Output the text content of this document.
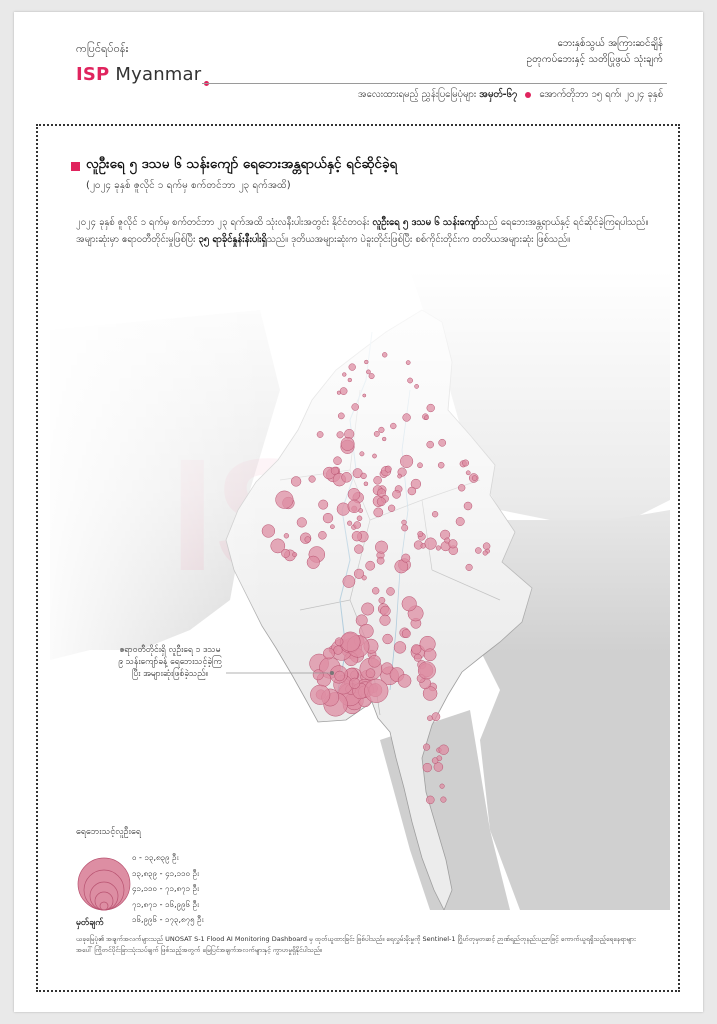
ကပြင်ရပ်ဝန်း
ISP Myanmar
ဘေးနှစ်သွယ် အကြားဆင်ချိန်
ဥတုကပ်ဘေးနှင့် သတိပြုဖွယ် သုံးချက်
အလေးထားရမည့် ညွှန်းပြမြေပုံများ အမှတ်-၆၇ အောက်တိုဘာ ၁၅ ရက်၊ ၂၀၂၄ ခုနှစ်
လူဦးရေ ၅ ဒသမ ၆ သန်းကျော် ရေဘေးအန္တရာယ်နှင့် ရင်ဆိုင်ခဲ့ရ
(၂၀၂၄ ခုနှစ် ဇူလိုင် ၁ ရက်မှ စက်တင်ဘာ ၂၃ ရက်အထိ)
၂၀၂၄ ခုနှစ် ဇူလိုင် ၁ ရက်မှ စက်တင်ဘာ ၂၃ ရက်အထိ သုံးလနီးပါးအတွင်း နိုင်ငံတဝန်း လူဦးရေ ၅ ဒသမ ၆ သန်းကျော်သည် ရေဘေးအန္တရာယ်နှင့် ရင်ဆိုင်ခဲ့ကြရပါသည်။ အများဆုံးမှာ ဧရာဝတီတိုင်းမှုဖြစ်ပြီး ၃၅ ရာခိုင်နှုန်းနီးပါးရှိသည်။ ဒုတိယအများဆုံးက ပဲခူးတိုင်းဖြစ်ပြီး စစ်ကိုင်းတိုင်းက တတိယအများဆုံး ဖြစ်သည်။
ဧရာဝတီတိုင်းရှိ လူဦးရေ ၁ ဒသမ ၉ သန်းကျော်ခန့် ရေဘေးသင့်ခဲ့ကြပြီး အများဆုံးဖြစ်ခဲ့သည်။
ရေဘေးသင့်လူဦးရေ
၀ - ၁၃,၈၃၉ ဦး
၁၃,၈၃၉ - ၄၁,၁၁၀ ဦး
၄၁,၁၁၀ - ၇၁,၈၇၁ ဦး
၇၁,၈၇၁ - ၁၆,၉၉၆ ဦး
၁၆,၉၉၆ - ၁၇၃,၈၇၅ ဦး
မှတ်ချက်
ယခုမြေပုံ၏ အချက်အလက်များသည် UNOSAT S-1 Flood AI Monitoring Dashboard မှ ထုတ်ယူထားခြင်း ဖြစ်ပါသည်။ ရေလွှမ်းမိုးမှုကို Sentinel-1 ဂြိုဟ်တုမှတဆင့် ဉာဏ်ရည်တုနည်းပညာဖြင့် ကောက်ယူရရှိသည့်ရေနေရာများအပေါ် ကြိုတင်ပိုင်းခြားသုံးသပ်ချက် ဖြစ်သည့်အတွက် မြေပြင်အချက်အလက်များနှင့် ကွာဟမှုရှိနိုင်ပါသည်။
